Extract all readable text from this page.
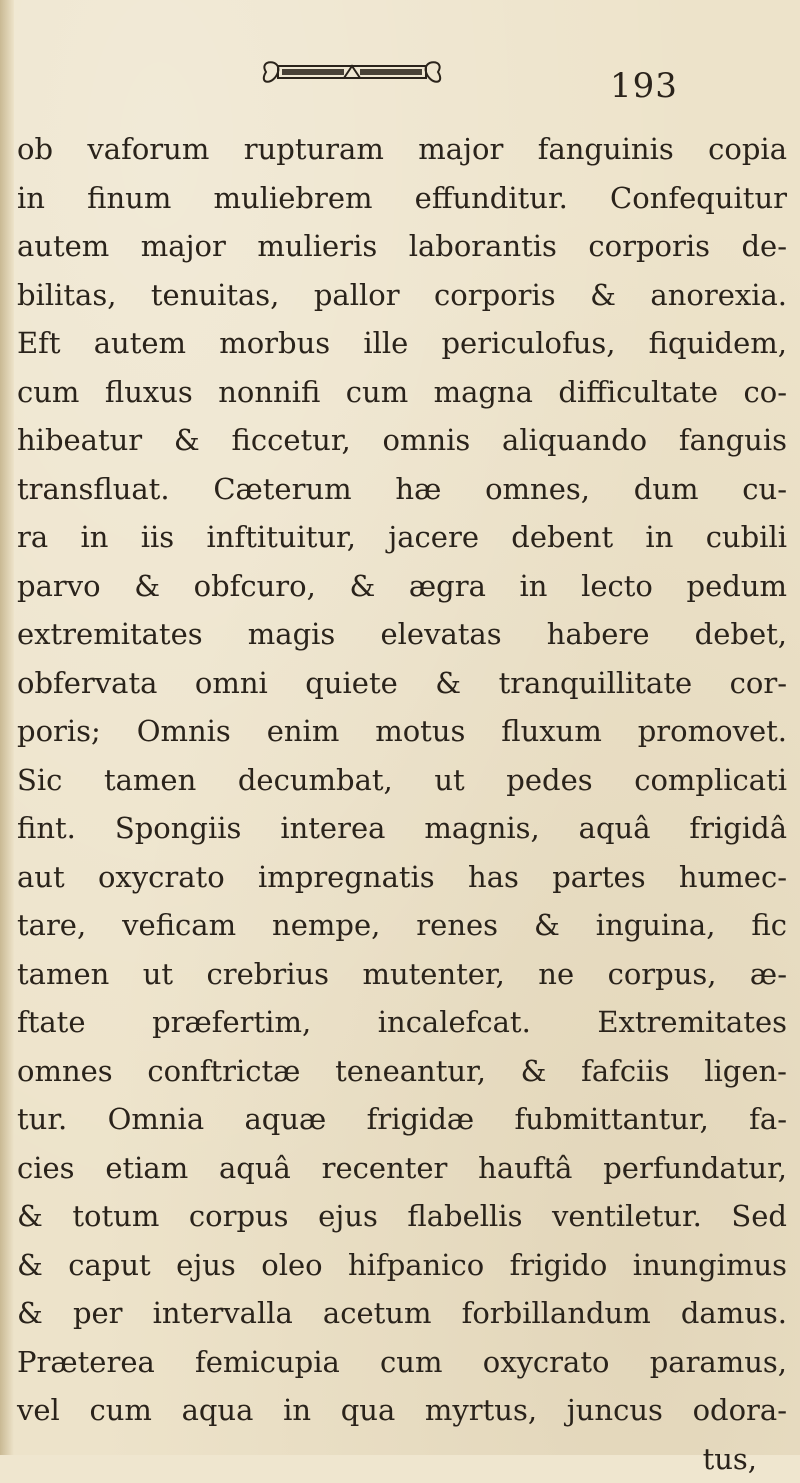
193
ob vaforum rupturam major fanguinis copia
in finum muliebrem effunditur. Confequitur
autem major mulieris laborantis corporis de-
bilitas, tenuitas, pallor corporis & anorexia.
Eft autem morbus ille periculofus, fiquidem,
cum fluxus nonnifi cum magna difficultate co-
hibeatur & ficcetur, omnis aliquando fanguis
transfluat. Cæterum hæ omnes, dum cu-
ra in iis inftituitur, jacere debent in cubili
parvo & obfcuro, & ægra in lecto pedum
extremitates magis elevatas habere debet,
obfervata omni quiete & tranquillitate cor-
poris; Omnis enim motus fluxum promovet.
Sic tamen decumbat, ut pedes complicati
fint. Spongiis interea magnis, aquâ frigidâ
aut oxycrato impregnatis has partes humec-
tare, veficam nempe, renes & inguina, fic
tamen ut crebrius mutenter, ne corpus, æ-
ftate præfertim, incalefcat. Extremitates
omnes conftrictæ teneantur, & fafciis ligen-
tur. Omnia aquæ frigidæ fubmittantur, fa-
cies etiam aquâ recenter hauftâ perfundatur,
& totum corpus ejus flabellis ventiletur. Sed
& caput ejus oleo hifpanico frigido inungimus
& per intervalla acetum forbillandum damus.
Præterea femicupia cum oxycrato paramus,
vel cum aqua in qua myrtus, juncus odora-
tus,
